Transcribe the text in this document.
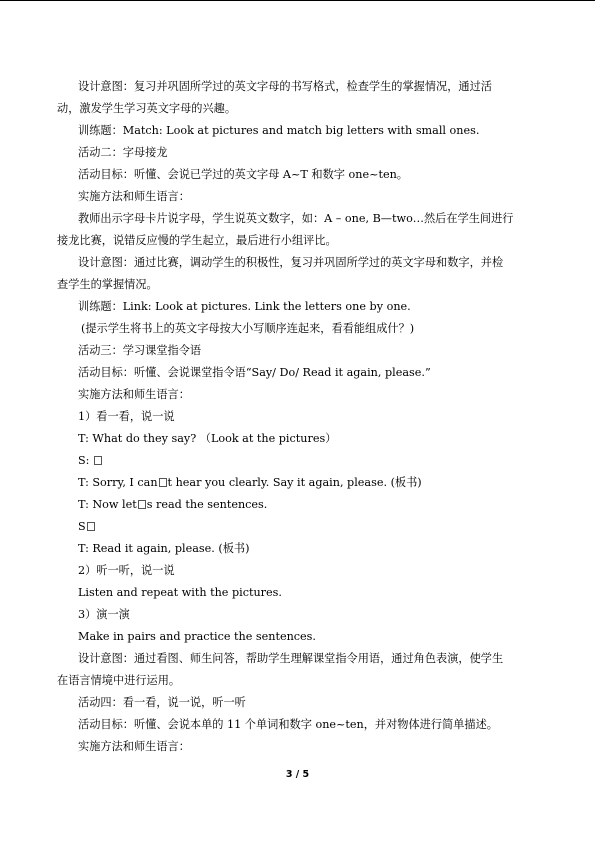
设计意图：复习并巩固所学过的英文字母的书写格式，检查学生的掌握情况，通过活
动，激发学生学习英文字母的兴趣。
训练题：Match: Look at pictures and match big letters with small ones.
活动二：字母接龙
活动目标：听懂、会说已学过的英文字母 A~T 和数字 one~ten。
实施方法和师生语言：
教师出示字母卡片说字母，学生说英文数字，如：A – one, B—two…然后在学生间进行
接龙比赛，说错反应慢的学生起立，最后进行小组评比。
设计意图：通过比赛，调动学生的积极性，复习并巩固所学过的英文字母和数字，并检
查学生的掌握情况。
训练题：Link: Look at pictures. Link the letters one by one.
(提示学生将书上的英文字母按大小写顺序连起来，看看能组成什？)
活动三：学习课堂指令语
活动目标：听懂、会说课堂指令语“Say/ Do/ Read it again, please.”
实施方法和师生语言：
1）看一看，说一说
T: What do they say? （Look at the pictures）
S:
T: Sorry, I can t hear you clearly. Say it again, please. (板书)
T: Now let s read the sentences.
S
T: Read it again, please. (板书)
2）听一听，说一说
Listen and repeat with the pictures.
3）演一演
Make in pairs and practice the sentences.
设计意图：通过看图、师生问答，帮助学生理解课堂指令用语，通过角色表演，使学生
在语言情境中进行运用。
活动四：看一看，说一说，听一听
活动目标：听懂、会说本单的 11 个单词和数字 one~ten，并对物体进行简单描述。
实施方法和师生语言：
3 / 5
